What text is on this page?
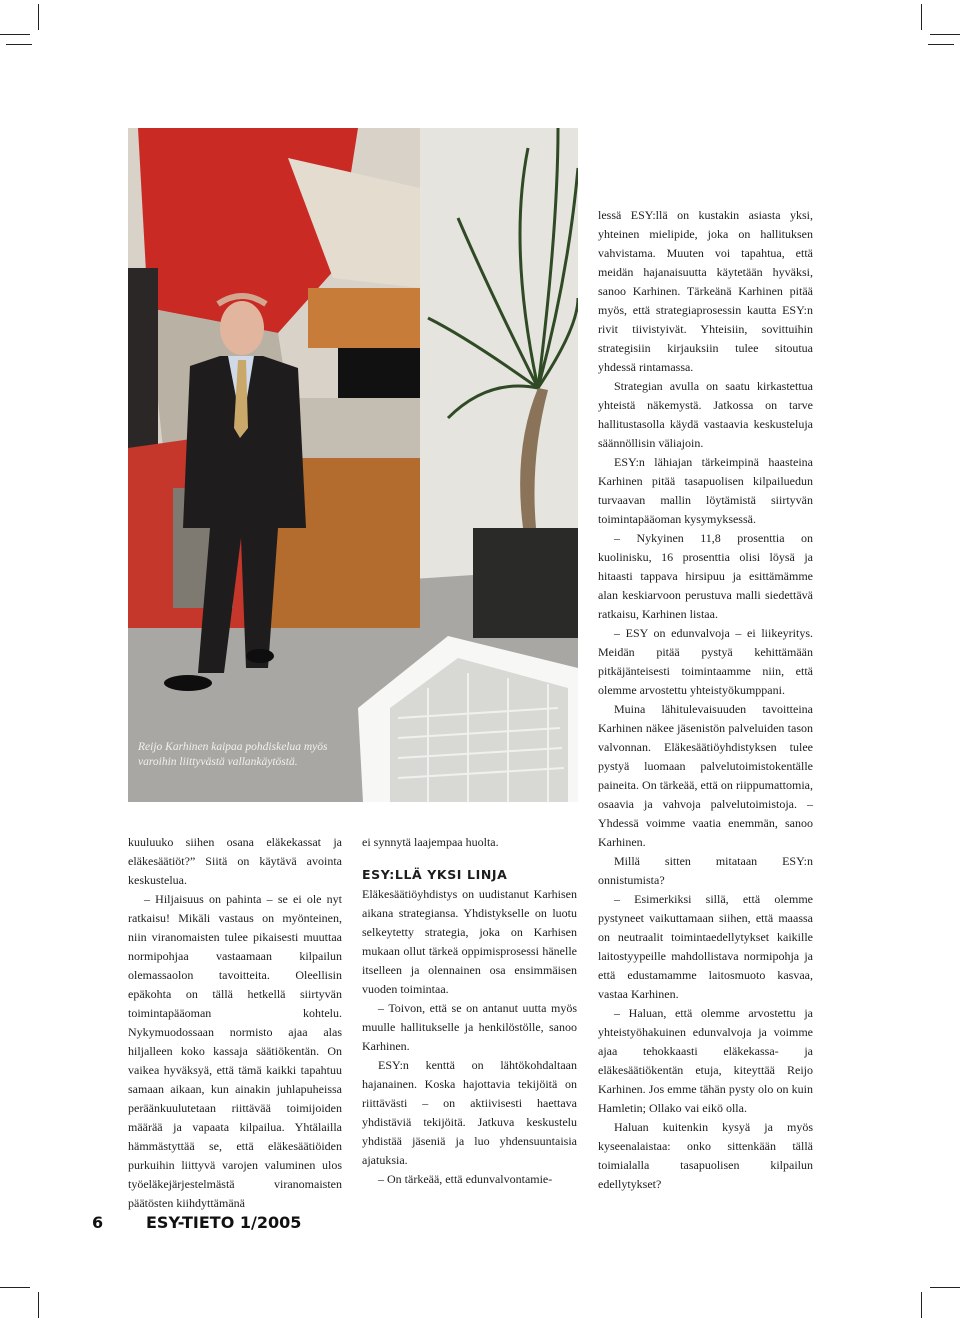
Reijo Karhinen kaipaa pohdiskelua myös varoihin liittyvästä vallankäytöstä.

kuuluuko siihen osana eläkekassat ja eläkesäätiöt?” Siitä on käytävä avointa keskustelua.

– Hiljaisuus on pahinta – se ei ole nyt ratkaisu! Mikäli vastaus on myönteinen, niin viranomaisten tulee pikaisesti muuttaa normipohjaa vastaamaan kilpailun olemassaolon tavoitteita. Oleellisin epäkohta on tällä hetkellä siirtyvän toimintapääoman kohtelu. Nykymuodossaan normisto ajaa alas hiljalleen koko kassaja säätiökentän. On vaikea hyväksyä, että tämä kaikki tapahtuu samaan aikaan, kun ainakin juhlapuheissa peräänkuulutetaan riittävää toimijoiden määrää ja vapaata kilpailua. Yhtälailla hämmästyttää se, että eläkesäätiöiden purkuihin liittyvä varojen valuminen ulos työeläkejärjestelmästä viranomaisten päätösten kiihdyttämänä

ei synnytä laajempaa huolta.

ESY:LLÄ YKSI LINJA

Eläkesäätiöyhdistys on uudistanut Karhisen aikana strategiansa. Yhdistykselle on luotu selkeytetty strategia, joka on Karhisen mukaan ollut tärkeä oppimisprosessi hänelle itselleen ja olennainen osa ensimmäisen vuoden toimintaa.

– Toivon, että se on antanut uutta myös muulle hallitukselle ja henkilöstölle, sanoo Karhinen.

ESY:n kenttä on lähtökohdaltaan hajanainen. Koska hajottavia tekijöitä on riittävästi – on aktiivisesti haettava yhdistäviä tekijöitä. Jatkuva keskustelu yhdistää jäseniä ja luo yhdensuuntaisia ajatuksia.

– On tärkeää, että edunvalvontamie-

lessä ESY:llä on kustakin asiasta yksi, yhteinen mielipide, joka on hallituksen vahvistama. Muuten voi tapahtua, että meidän hajanaisuutta käytetään hyväksi, sanoo Karhinen. Tärkeänä Karhinen pitää myös, että strategiaprosessin kautta ESY:n rivit tiivistyivät. Yhteisiin, sovittuihin strategisiin kirjauksiin tulee sitoutua yhdessä rintamassa.

Strategian avulla on saatu kirkastettua yhteistä näkemystä. Jatkossa on tarve hallitustasolla käydä vastaavia keskusteluja säännöllisin väliajoin.

ESY:n lähiajan tärkeimpinä haasteina Karhinen pitää tasapuolisen kilpailuedun turvaavan mallin löytämistä siirtyvän toimintapääoman kysymyksessä.

– Nykyinen 11,8 prosenttia on kuolinisku, 16 prosenttia olisi löysä ja hitaasti tappava hirsipuu ja esittämämme alan keskiarvoon perustuva malli siedettävä ratkaisu, Karhinen listaa.

– ESY on edunvalvoja – ei liikeyritys. Meidän pitää pystyä kehittämään pitkäjänteisesti toimintaamme niin, että olemme arvostettu yhteistyökumppani.

Muina lähitulevaisuuden tavoitteina Karhinen näkee jäsenistön palveluiden tason valvonnan. Eläkesäätiöyhdistyksen tulee pystyä luomaan palvelutoimistokentälle paineita. On tärkeää, että on riippumattomia, osaavia ja vahvoja palvelutoimistoja. –Yhdessä voimme vaatia enemmän, sanoo Karhinen.

Millä sitten mitataan ESY:n onnistumista?

– Esimerkiksi sillä, että olemme pystyneet vaikuttamaan siihen, että maassa on neutraalit toimintaedellytykset kaikille laitostyypeille mahdollistava normipohja ja että edustamamme laitosmuoto kasvaa, vastaa Karhinen.

– Haluan, että olemme arvostettu ja yhteistyöhakuinen edunvalvoja ja voimme ajaa tehokkaasti eläkekassa- ja eläkesäätiökentän etuja, kiteyttää Reijo Karhinen. Jos emme tähän pysty olo on kuin Hamletin; Ollako vai eikö olla.

Haluan kuitenkin kysyä ja myös kyseenalaistaa: onko sittenkään tällä toimialalla tasapuolisen kilpailun edellytykset?

6	ESY-TIETO 1/2005
